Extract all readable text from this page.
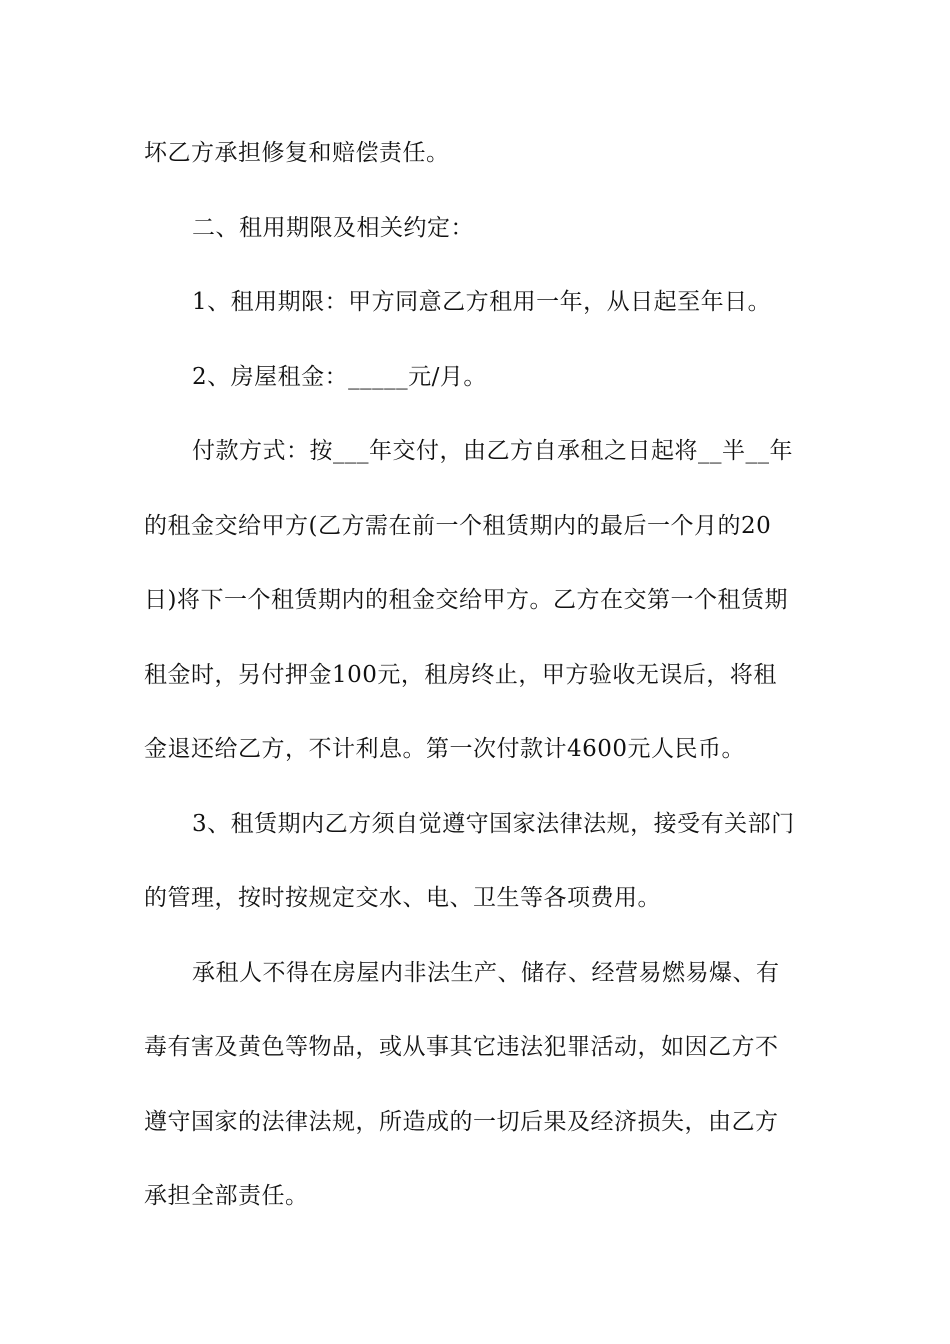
坏乙方承担修复和赔偿责任。
二、租用期限及相关约定：
1、租用期限：甲方同意乙方租用一年，从日起至年日。
2、房屋租金：_____元/月。
付款方式：按___年交付，由乙方自承租之日起将__半__年
的租金交给甲方(乙方需在前一个租赁期内的最后一个月的20
日)将下一个租赁期内的租金交给甲方。乙方在交第一个租赁期
租金时，另付押金100元，租房终止，甲方验收无误后，将租
金退还给乙方，不计利息。第一次付款计4600元人民币。
3、租赁期内乙方须自觉遵守国家法律法规，接受有关部门
的管理，按时按规定交水、电、卫生等各项费用。
承租人不得在房屋内非法生产、储存、经营易燃易爆、有
毒有害及黄色等物品，或从事其它违法犯罪活动，如因乙方不
遵守国家的法律法规，所造成的一切后果及经济损失，由乙方
承担全部责任。
